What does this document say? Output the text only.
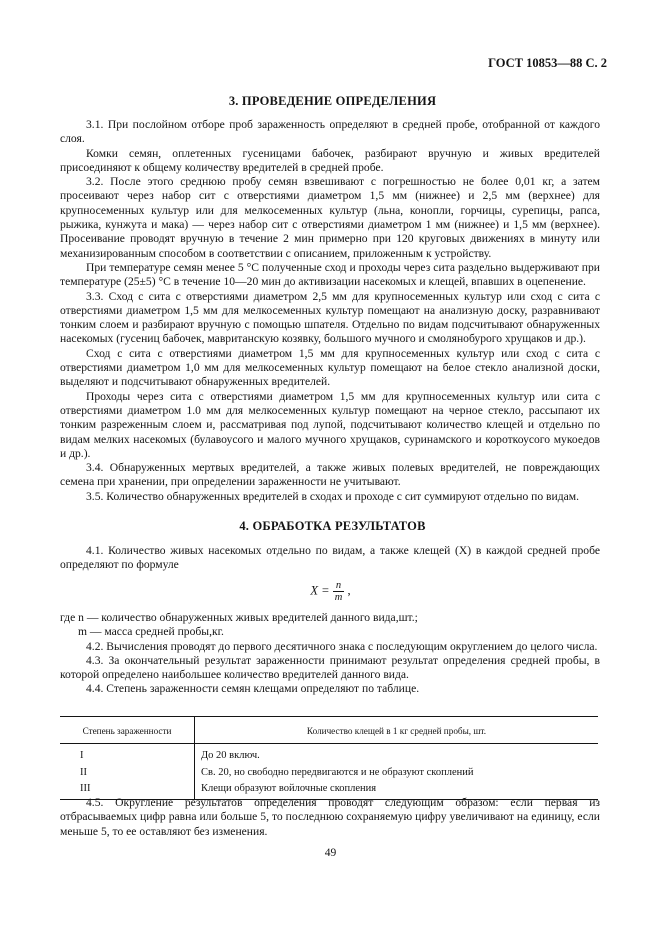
ГОСТ 10853—88 С. 2
3. ПРОВЕДЕНИЕ ОПРЕДЕЛЕНИЯ

3.1. При послойном отборе проб зараженность определяют в средней пробе, отобранной от каждого слоя.

Комки семян, оплетенных гусеницами бабочек, разбирают вручную и живых вредителей присоединяют к общему количеству вредителей в средней пробе.

3.2. После этого среднюю пробу семян взвешивают с погрешностью не более 0,01 кг, а затем просеивают через набор сит с отверстиями диаметром 1,5 мм (нижнее) и 2,5 мм (верхнее) для крупносеменных культур или для мелкосеменных культур (льна, конопли, горчицы, сурепицы, рапса, рыжика, кунжута и мака) — через набор сит с отверстиями диаметром 1 мм (нижнее) и 1,5 мм (верхнее). Просеивание проводят вручную в течение 2 мин примерно при 120 круговых движениях в минуту или механизированным способом в соответствии с описанием, приложенным к устройству.

При температуре семян менее 5 °С полученные сход и проходы через сита раздельно выдерживают при температуре (25±5) °С в течение 10—20 мин до активизации насекомых и клещей, впавших в оцепенение.

3.3. Сход с сита с отверстиями диаметром 2,5 мм для крупносеменных культур или сход с сита с отверстиями диаметром 1,5 мм для мелкосеменных культур помещают на анализную доску, разравнивают тонким слоем и разбирают вручную с помощью шпателя. Отдельно по видам подсчитывают обнаруженных насекомых (гусениц бабочек, мавританскую козявку, большого мучного и смолянобурого хрущаков и др.).

Сход с сита с отверстиями диаметром 1,5 мм для крупносеменных культур или сход с сита с отверстиями диаметром 1,0 мм для мелкосеменных культур помещают на белое стекло анализной доски, выделяют и подсчитывают обнаруженных вредителей.

Проходы через сита с отверстиями диаметром 1,5 мм для крупносеменных культур или сита с отверстиями диаметром 1.0 мм для мелкосеменных культур помещают на черное стекло, рассыпают их тонким разреженным слоем и, рассматривая под лупой, подсчитывают количество клещей и отдельно по видам мелких насекомых (булавоусого и малого мучного хрущаков, суринамского и короткоусого мукоедов и др.).

3.4. Обнаруженных мертвых вредителей, а также живых полевых вредителей, не повреждающих семена при хранении, при определении зараженности не учитывают.

3.5. Количество обнаруженных вредителей в сходах и проходе с сит суммируют отдельно по видам.

4. ОБРАБОТКА РЕЗУЛЬТАТОВ

4.1. Количество живых насекомых отдельно по видам, а также клещей (X) в каждой средней пробе определяют по формуле

$X = \frac{n}{m}$ ,

где n — количество обнаруженных живых вредителей данного вида,шт.;

m — масса средней пробы,кг.

4.2. Вычисления проводят до первого десятичного знака с последующим округлением до целого числа.

4.3. За окончательный результат зараженности принимают результат определения средней пробы, в которой определено наибольшее количество вредителей данного вида.

4.4. Степень зараженности семян клещами определяют по таблице.

Степень зараженности	Количество клещей в 1 кг средней пробы, шт.
I	До 20 включ.
II	Св. 20, но свободно передвигаются и не образуют скоплений
III	Клещи образуют войлочные скопления

4.5. Округление результатов определения проводят следующим образом: если первая из отбрасываемых цифр равна или больше 5, то последнюю сохраняемую цифру увеличивают на единицу, если меньше 5, то ее оставляют без изменения.

49
